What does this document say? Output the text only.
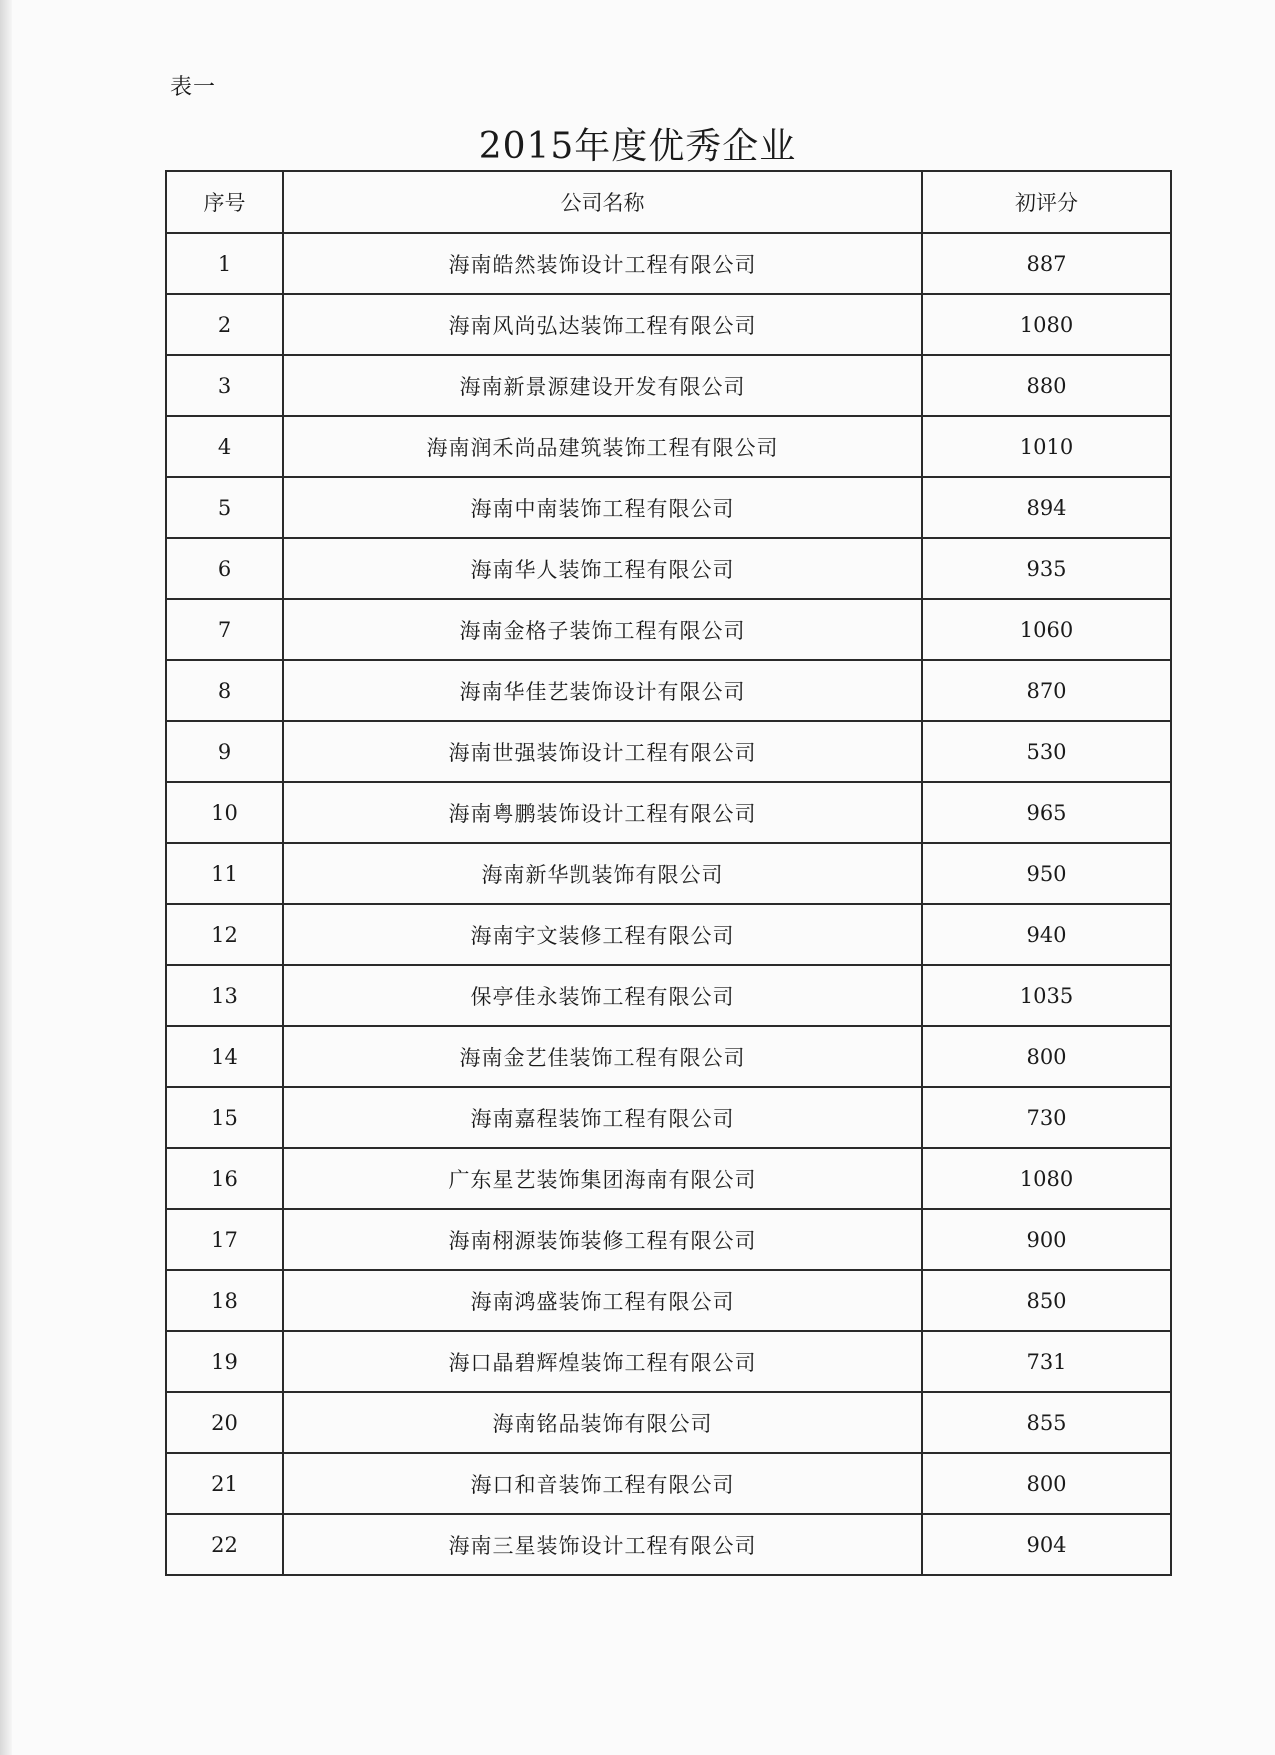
表一
2015年度优秀企业
序号	公司名称	初评分
1	海南皓然装饰设计工程有限公司	887
2	海南风尚弘达装饰工程有限公司	1080
3	海南新景源建设开发有限公司	880
4	海南润禾尚品建筑装饰工程有限公司	1010
5	海南中南装饰工程有限公司	894
6	海南华人装饰工程有限公司	935
7	海南金格子装饰工程有限公司	1060
8	海南华佳艺装饰设计有限公司	870
9	海南世强装饰设计工程有限公司	530
10	海南粤鹏装饰设计工程有限公司	965
11	海南新华凯装饰有限公司	950
12	海南宇文装修工程有限公司	940
13	保亭佳永装饰工程有限公司	1035
14	海南金艺佳装饰工程有限公司	800
15	海南嘉程装饰工程有限公司	730
16	广东星艺装饰集团海南有限公司	1080
17	海南栩源装饰装修工程有限公司	900
18	海南鸿盛装饰工程有限公司	850
19	海口晶碧辉煌装饰工程有限公司	731
20	海南铭品装饰有限公司	855
21	海口和音装饰工程有限公司	800
22	海南三星装饰设计工程有限公司	904
